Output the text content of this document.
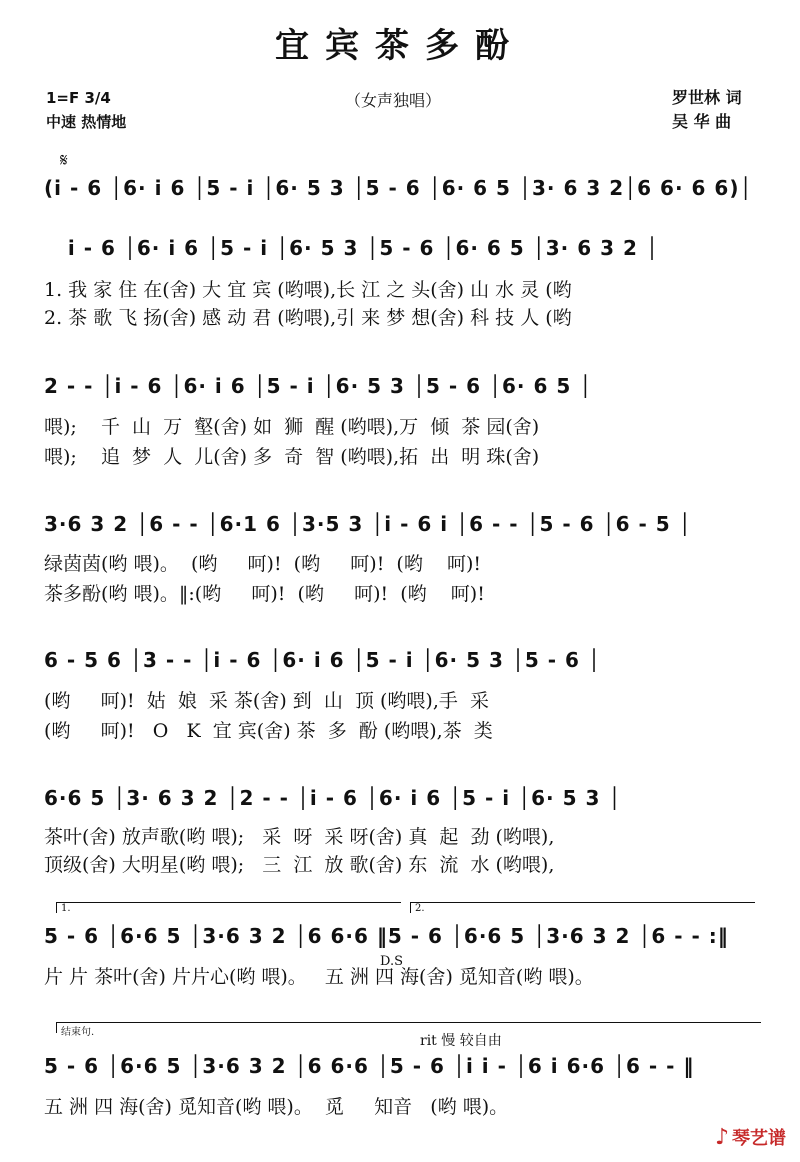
宜宾茶多酚
1=F 3/4
中速 热情地
（女声独唱）	罗世林 词
吴 华 曲
𝄋
(i - 6 │6· i 6 │5 - i │6· 5 3 │5 - 6 │6· 6 5 │3· 6 3 2│6 6· 6 6)│
i - 6 │6· i 6 │5 - i │6· 5 3 │5 - 6 │6· 6 5 │3· 6 3 2 │
1. 我 家 住 在(舍) 大 宜 宾 (哟喂),长 江 之 头(舍) 山 水 灵 (哟
2. 茶 歌 飞 扬(舍) 感 动 君 (哟喂),引 来 梦 想(舍) 科 技 人 (哟
2 - - │i - 6 │6· i 6 │5 - i │6· 5 3 │5 - 6 │6· 6 5 │
喂);    千  山  万  壑(舍) 如  狮  醒 (哟喂),万  倾  茶 园(舍)
喂);    追  梦  人  儿(舍) 多  奇  智 (哟喂),拓  出  明 珠(舍)
3·6 3 2 │6 - - │6·1 6 │3·5 3 │i - 6 i │6 - - │5 - 6 │6 - 5 │
绿茵茵(哟 喂)。  (哟     呵)!  (哟     呵)!  (哟    呵)!
茶多酚(哟 喂)。‖:(哟     呵)!  (哟     呵)!  (哟    呵)!
6 - 5 6 │3 - - │i - 6 │6· i 6 │5 - i │6· 5 3 │5 - 6 │
(哟     呵)!  姑  娘  采 茶(舍) 到  山  顶 (哟喂),手  采
(哟     呵)!   O   K  宜 宾(舍) 茶  多  酚 (哟喂),茶  类
6·6 5 │3· 6 3 2 │2 - - │i - 6 │6· i 6 │5 - i │6· 5 3 │
茶叶(舍) 放声歌(哟 喂);   采  呀  采 呀(舍) 真  起  劲 (哟喂),
顶级(舍) 大明星(哟 喂);   三  江  放 歌(舍) 东  流  水 (哟喂),
1.	2.
5 - 6 │6·6 5 │3·6 3 2 │6 6·6 ‖5 - 6 │6·6 5 │3·6 3 2 │6 - - :‖
D.S
片 片 茶叶(舍) 片片心(哟 喂)。   五 洲 四 海(舍) 觅知音(哟 喂)。
结束句.
rit 慢 较自由
5 - 6 │6·6 5 │3·6 3 2 │6 6·6 │5 - 6 │i i - │6 i 6·6 │6 - - ‖
五 洲 四 海(舍) 觅知音(哟 喂)。  觅     知音   (哟 喂)。
♪ 琴艺谱
